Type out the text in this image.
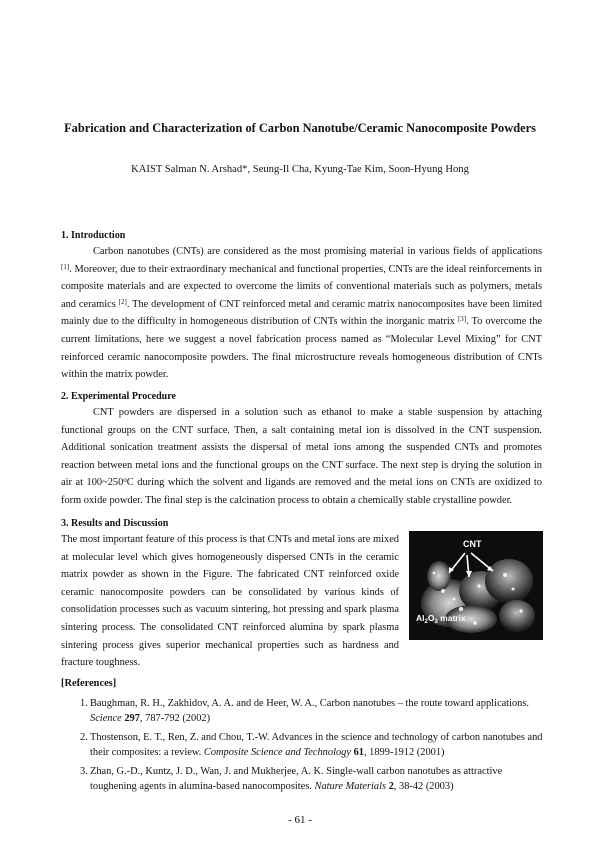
Fabrication and Characterization of Carbon Nanotube/Ceramic Nanocomposite Powders
KAIST Salman N. Arshad*, Seung-Il Cha, Kyung-Tae Kim, Soon-Hyung Hong
1. Introduction

Carbon nanotubes (CNTs) are considered as the most promising material in various fields of applications [1]. Moreover, due to their extraordinary mechanical and functional properties, CNTs are the ideal reinforcements in composite materials and are expected to overcome the limits of conventional materials such as polymers, metals and ceramics [2]. The development of CNT reinforced metal and ceramic matrix nanocomposites have been limited mainly due to the difficulty in homogeneous distribution of CNTs within the inorganic matrix [3]. To overcome the current limitations, here we suggest a novel fabrication process named as “Molecular Level Mixing” for CNT reinforced ceramic nanocomposite powders. The final microstructure reveals homogeneous distribution of CNTs within the matrix powder.

2. Experimental Procedure

CNT powders are dispersed in a solution such as ethanol to make a stable suspension by attaching functional groups on the CNT surface. Then, a salt containing metal ion is dissolved in the CNT suspension. Additional sonication treatment assists the dispersal of metal ions among the suspended CNTs and promotes reaction between metal ions and the functional groups on the CNT surface. The next step is drying the solution in air at 100~250$^o$C during which the solvent and ligands are removed and the metal ions on CNTs are oxidized to form oxide powder. The final step is the calcination process to obtain a chemically stable crystalline powder.

3. Results and Discussion

The most important feature of this process is that CNTs and metal ions are mixed at molecular level which gives homogeneously dispersed CNTs in the ceramic matrix powder as shown in the Figure. The fabricated CNT reinforced oxide ceramic nanocomposite powders can be consolidated by various kinds of consolidation processes such as vacuum sintering, hot pressing and spark plasma sintering process. The consolidated CNT reinforced alumina by spark plasma sintering process gives superior mechanical properties such as hardness and fracture toughness.

CNT
$Al_2O_3$ matrix
[References]
1. Baughman, R. H., Zakhidov, A. A. and de Heer, W. A., Carbon nanotubes – the route toward applications. Science 297, 787-792 (2002)
2. Thostenson, E. T., Ren, Z. and Chou, T.-W. Advances in the science and technology of carbon nanotubes and their composites: a review. Composite Science and Technology 61, 1899-1912 (2001)
3. Zhan, G.-D., Kuntz, J. D., Wan, J. and Mukherjee, A. K. Single-wall carbon nanotubes as attractive toughening agents in alumina-based nanocomposites. Nature Materials 2, 38-42 (2003)
- 61 -
